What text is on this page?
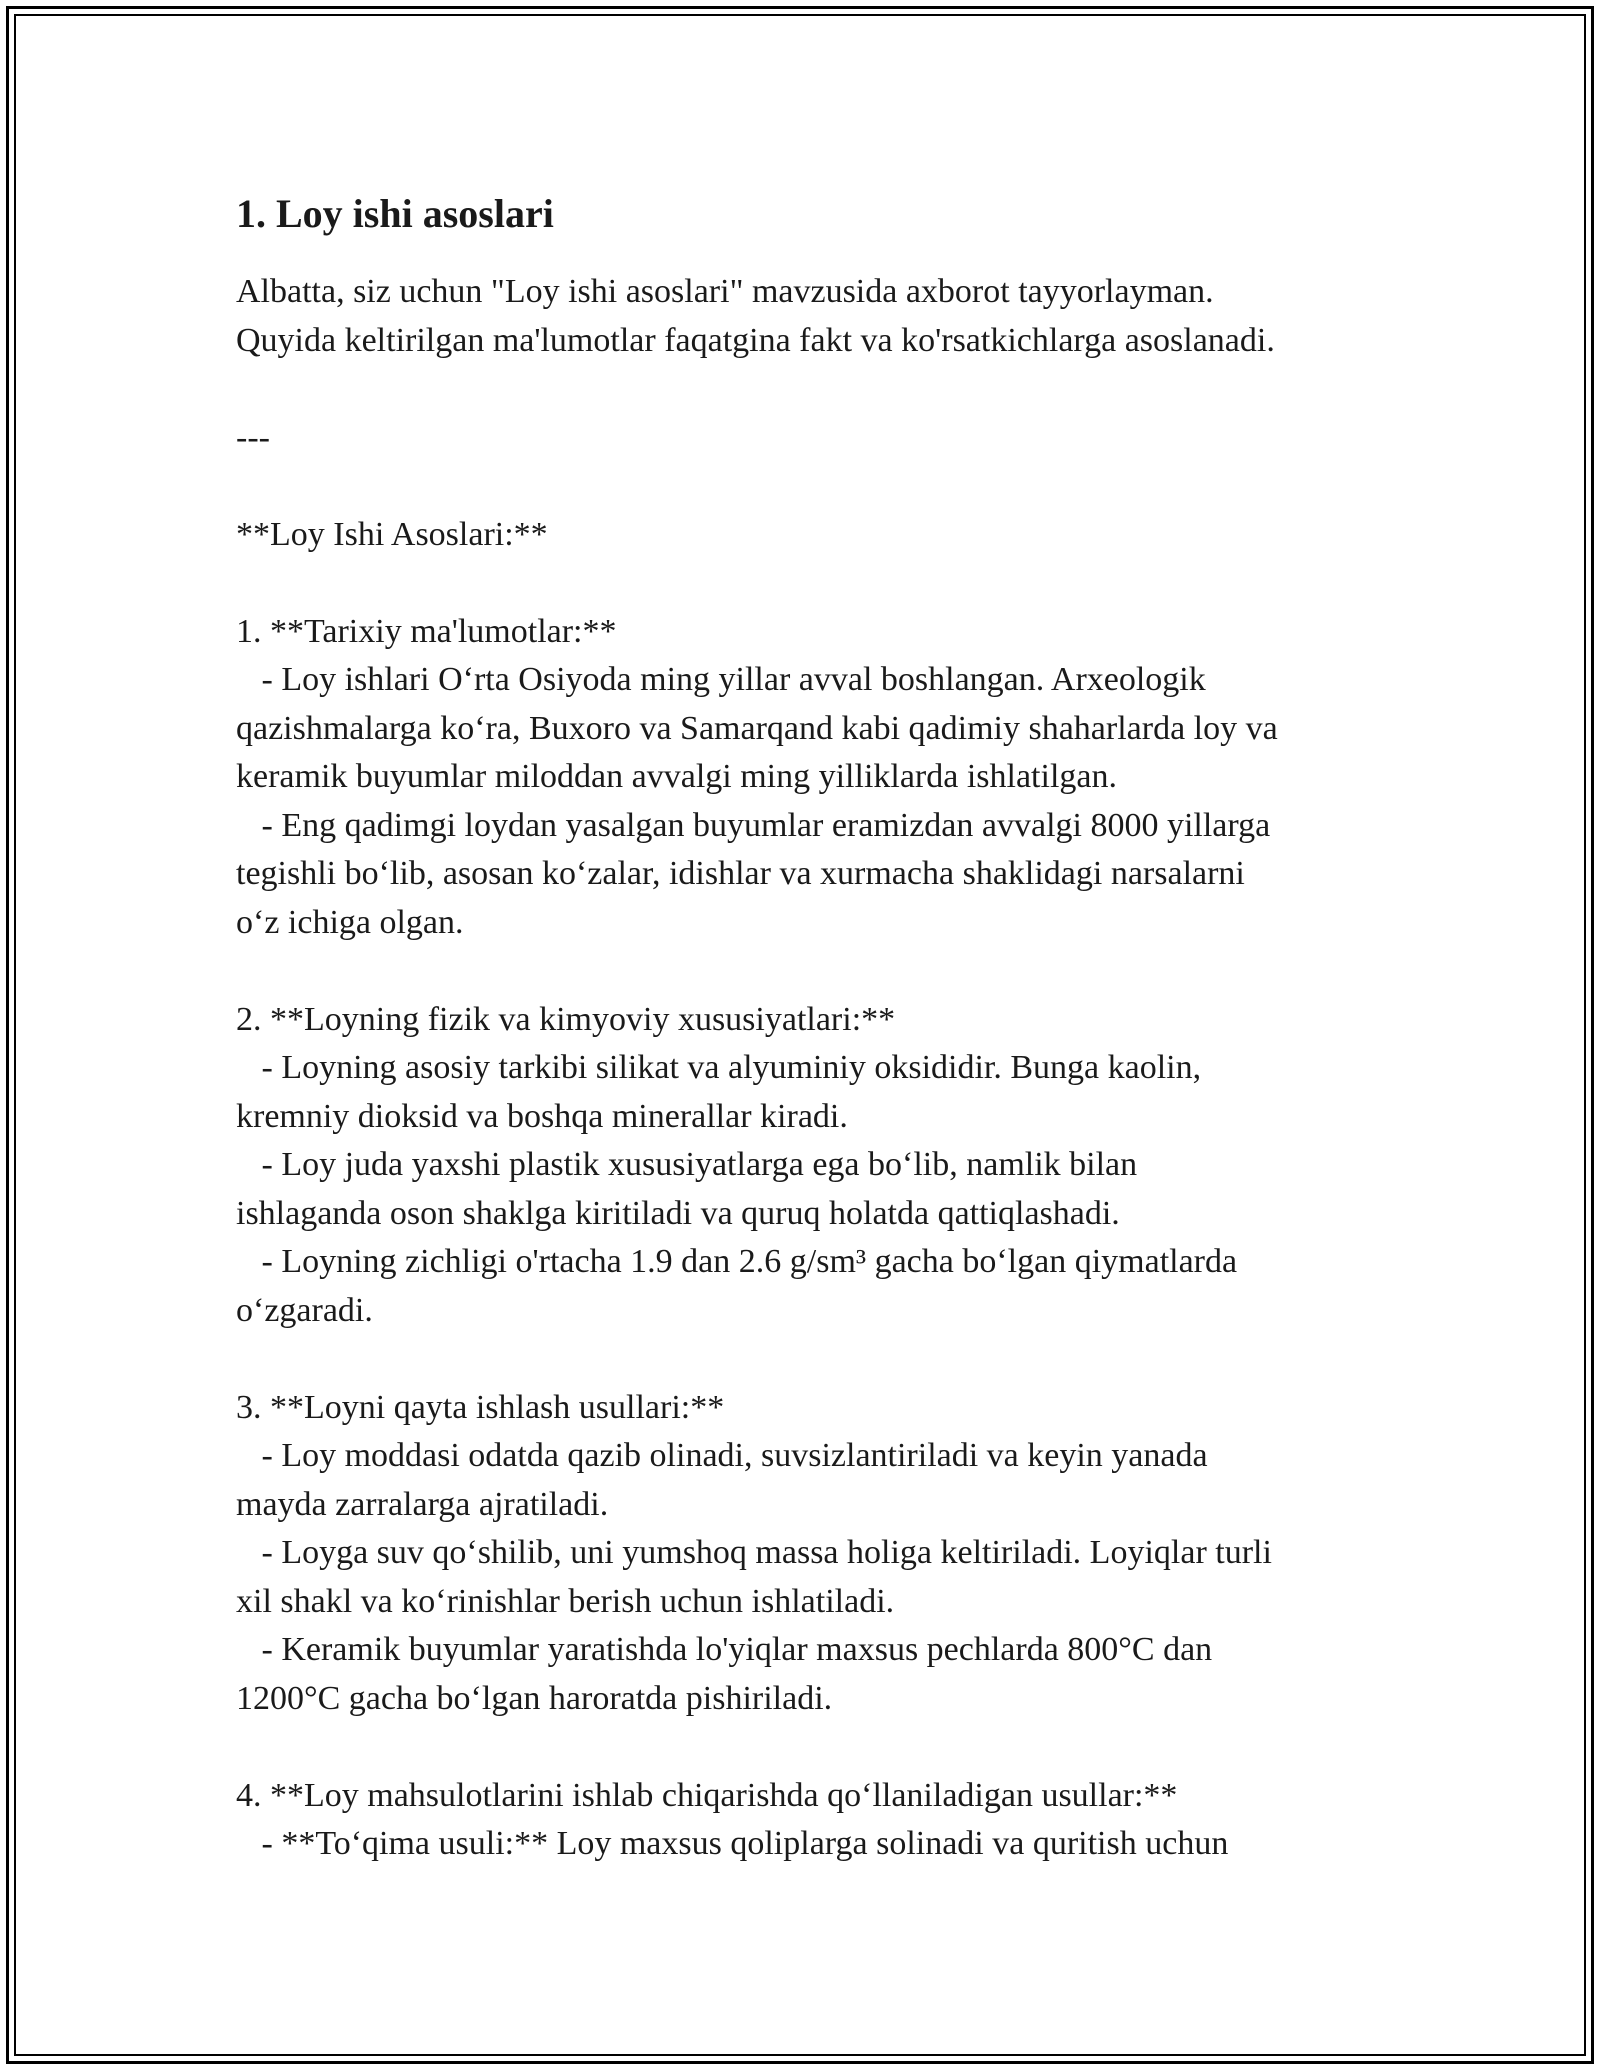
1. Loy ishi asoslari

Albatta, siz uchun "Loy ishi asoslari" mavzusida axborot tayyorlayman.

Quyida keltirilgan ma'lumotlar faqatgina fakt va ko'rsatkichlarga asoslanadi.

---

**Loy Ishi Asoslari:**

1. **Tarixiy ma'lumotlar:**

- Loy ishlari O‘rta Osiyoda ming yillar avval boshlangan. Arxeologik

qazishmalarga ko‘ra, Buxoro va Samarqand kabi qadimiy shaharlarda loy va

keramik buyumlar miloddan avvalgi ming yilliklarda ishlatilgan.

- Eng qadimgi loydan yasalgan buyumlar eramizdan avvalgi 8000 yillarga

tegishli bo‘lib, asosan ko‘zalar, idishlar va xurmacha shaklidagi narsalarni

o‘z ichiga olgan.

2. **Loyning fizik va kimyoviy xususiyatlari:**

- Loyning asosiy tarkibi silikat va alyuminiy oksididir. Bunga kaolin,

kremniy dioksid va boshqa minerallar kiradi.

- Loy juda yaxshi plastik xususiyatlarga ega bo‘lib, namlik bilan

ishlaganda oson shaklga kiritiladi va quruq holatda qattiqlashadi.

- Loyning zichligi o'rtacha 1.9 dan 2.6 g/sm³ gacha bo‘lgan qiymatlarda

o‘zgaradi.

3. **Loyni qayta ishlash usullari:**

- Loy moddasi odatda qazib olinadi, suvsizlantiriladi va keyin yanada

mayda zarralarga ajratiladi.

- Loyga suv qo‘shilib, uni yumshoq massa holiga keltiriladi. Loyiqlar turli

xil shakl va ko‘rinishlar berish uchun ishlatiladi.

- Keramik buyumlar yaratishda lo'yiqlar maxsus pechlarda 800°C dan

1200°C gacha bo‘lgan haroratda pishiriladi.

4. **Loy mahsulotlarini ishlab chiqarishda qo‘llaniladigan usullar:**

- **To‘qima usuli:** Loy maxsus qoliplarga solinadi va quritish uchun
